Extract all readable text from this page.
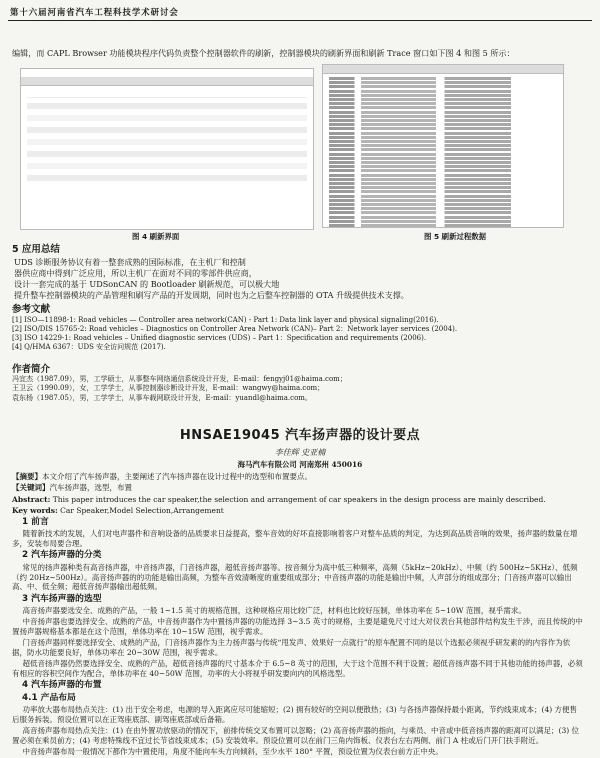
第十六届河南省汽车工程科技学术研讨会
编辑，而 CAPL Browser 功能模块程序代码负责整个控制器软件的刷新，控制器模块的刷新界面和刷新 Trace 窗口如下图 4 和图 5 所示：
图 4 刷新界面	图 5 刷新过程数据
5 应用总结
UDS 诊断服务协议有着一整套成熟的国际标准，在主机厂和控制
器供应商中得到广泛应用，所以主机厂在面对不同的零部件供应商，
设计一套完成的基于 UDSonCAN 的 Bootloader 刷新规范，可以极大地
提升整车控制器模块的产品管理和刷写产品的开发周期，同时也为之后整车控制器的 OTA 升级提供技术支撑。
参考文献
[1] ISO—11898-1: Road vehicles — Controller area network(CAN) - Part 1: Data link layer and physical signaling(2016).
[2] ISO/DIS 15765-2: Road vehicles – Diagnostics on Controller Area Network (CAN)– Part 2：Network layer services (2004).
[3] ISO 14229-1: Road vehicles – Unified diagnostic services (UDS) – Part 1：Specification and requirements (2006).
[4] Q/HMA 6367：UDS 安全访问规范 (2017).
作者简介
冯宜杰（1987.09），男，工学硕士，从事整车网络通信系统设计开发，E-mail：fengyj01@haima.com；
王卫云（1990.09），女，工学学士，从事控制器诊断设计开发，E-mail：wangwy@haima.com；
袁东杨（1987.05），男，工学学士，从事车载网联设计开发，E-mail：yuandl@haima.com。
HNSAE19045 汽车扬声器的设计要点
李佳辉 史亚楠
海马汽车有限公司 河南郑州 450016

【摘要】本文介绍了汽车扬声器，主要阐述了汽车扬声器在设计过程中的选型和布置要点。

【关键词】汽车扬声器，选型，布置

Abstract: This paper introduces the car speaker,the selection and arrangement of car speakers in the design process are mainly described.

Key words: Car Speaker,Model Selection,Arrangement

1 前言

随着新技术的发展，人们对电声器件和音响设备的品质要求日益提高，整车音效的好坏直接影响着客户对整车品质的判定，为达到高品质音响的效果，扬声器的数量在增多，安装布局要合理。

2 汽车扬声器的分类

常见的扬声器种类有高音扬声器，中音扬声器，门音扬声器，超低音扬声器等。按音频分为高中低三种频率，高频（5kHz~20kHz）、中频（约 500Hz~5KHz）、低频（约 20Hz~500Hz）。高音扬声器的的功能是输出高频，为整车音效清晰度的重要组成部分；中音扬声器的功能是输出中频，人声部分的组成部分；门音扬声器可以输出高、中、低全频；超低音扬声器输出超低频。

3 汽车扬声器的选型

高音扬声器要选安全、成熟的产品，一般 1~1.5 英寸的规格范围，这种规格应用比较广泛，材料也比较好压制，单体功率在 5~10W 范围，视乎需求。

中音扬声器也要选择安全、成熟的产品，中音扬声器作为中置扬声器的功能选择 3~3.5 英寸的规格，主要是避免尺寸过大对仪表台其他部件结构发生干涉，而且传统的中置扬声器规格基本都是在这个范围，单体功率在 10~15W 范围，视乎需求。

门音扬声器同样要选择安全、成熟的产品，门音扬声器作为主力扬声器与传统“甩发声、效果好一点就行”的原车配置不同的是以个选振必须视乎研发素的的内容作为依据，防水功能要良好，单体功率在 20~30W 范围，视乎需求。

超低音扬声器仍然要选择安全、成熟的产品，超低音扬声器的尺寸基本介于 6.5~8 英寸的范围，大于这个范围不利于设置；超低音扬声器不同于其他功能的扬声器，必须有相应的容积空间作为配合，单体功率在 40~50W 范围，功率的大小将视乎研发要向内的风格选型。

4 汽车扬声器的布置

4.1 产品布局

功率放大器布局热点关注：(1) 出于安全考虑，电源的导入距离应尽可能缩短；(2) 拥有较好的空间以便散热；(3) 与各扬声器保持最小距离，节约线束成本；(4) 方便售后服务拆装。预设位置可以在正驾座底部、副驾座底部或后备箱。

高音扬声器布局热点关注：(1) 在由外置功放驱动的情况下，前排传统交叉布置可以忽略；(2) 高音扬声器的指向，与乘员、中音或中低音扬声器的距离可以满足；(3) 位置必须在乘员前方；(4) 考虑特殊线不宜过长节省线束成本；(5) 安装效率。预设位置可以在前门三角内饰板、仪表台左右两侧、前门 A 柱或后门开门扶手附近。

中音扬声器布局一般情况下都作为中置使用，角度不能向车头方向倾斜，至少水平 180° 平置，预设位置为仪表台前方正中央。
